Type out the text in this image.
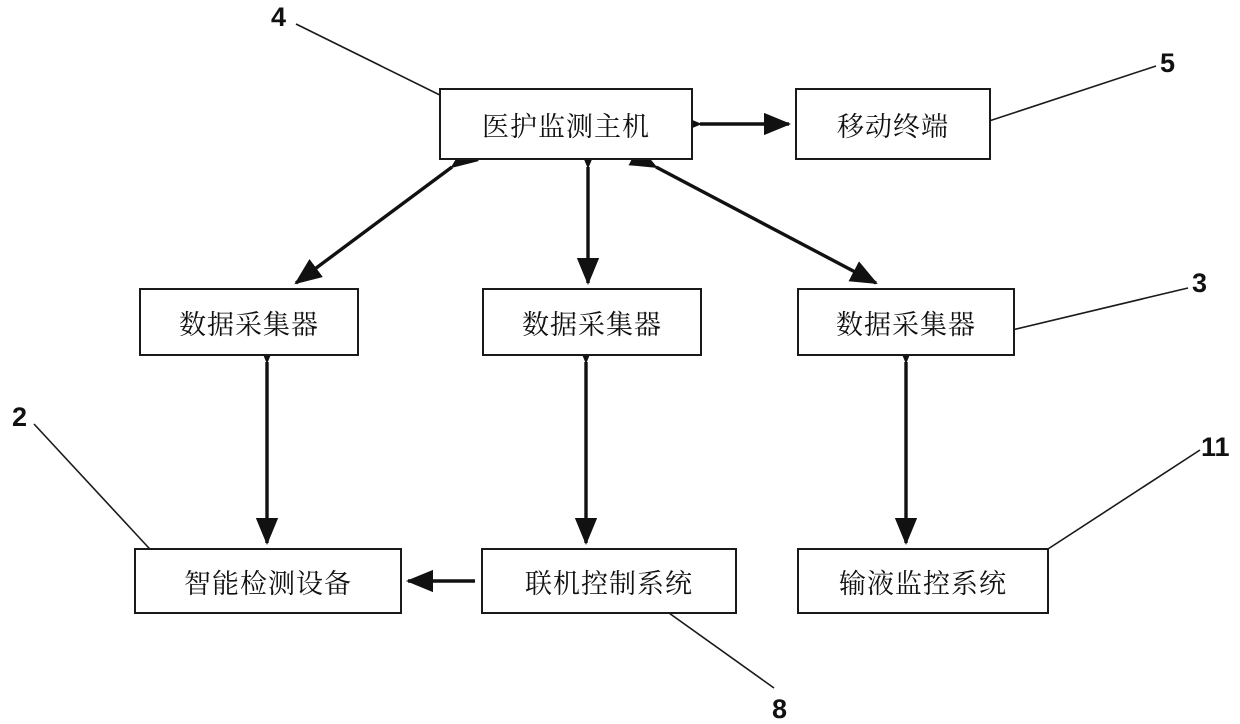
医护监测主机	移动终端
数据采集器	数据采集器	数据采集器
智能检测设备	联机控制系统	输液监控系统
4
5
3
2
11
8
